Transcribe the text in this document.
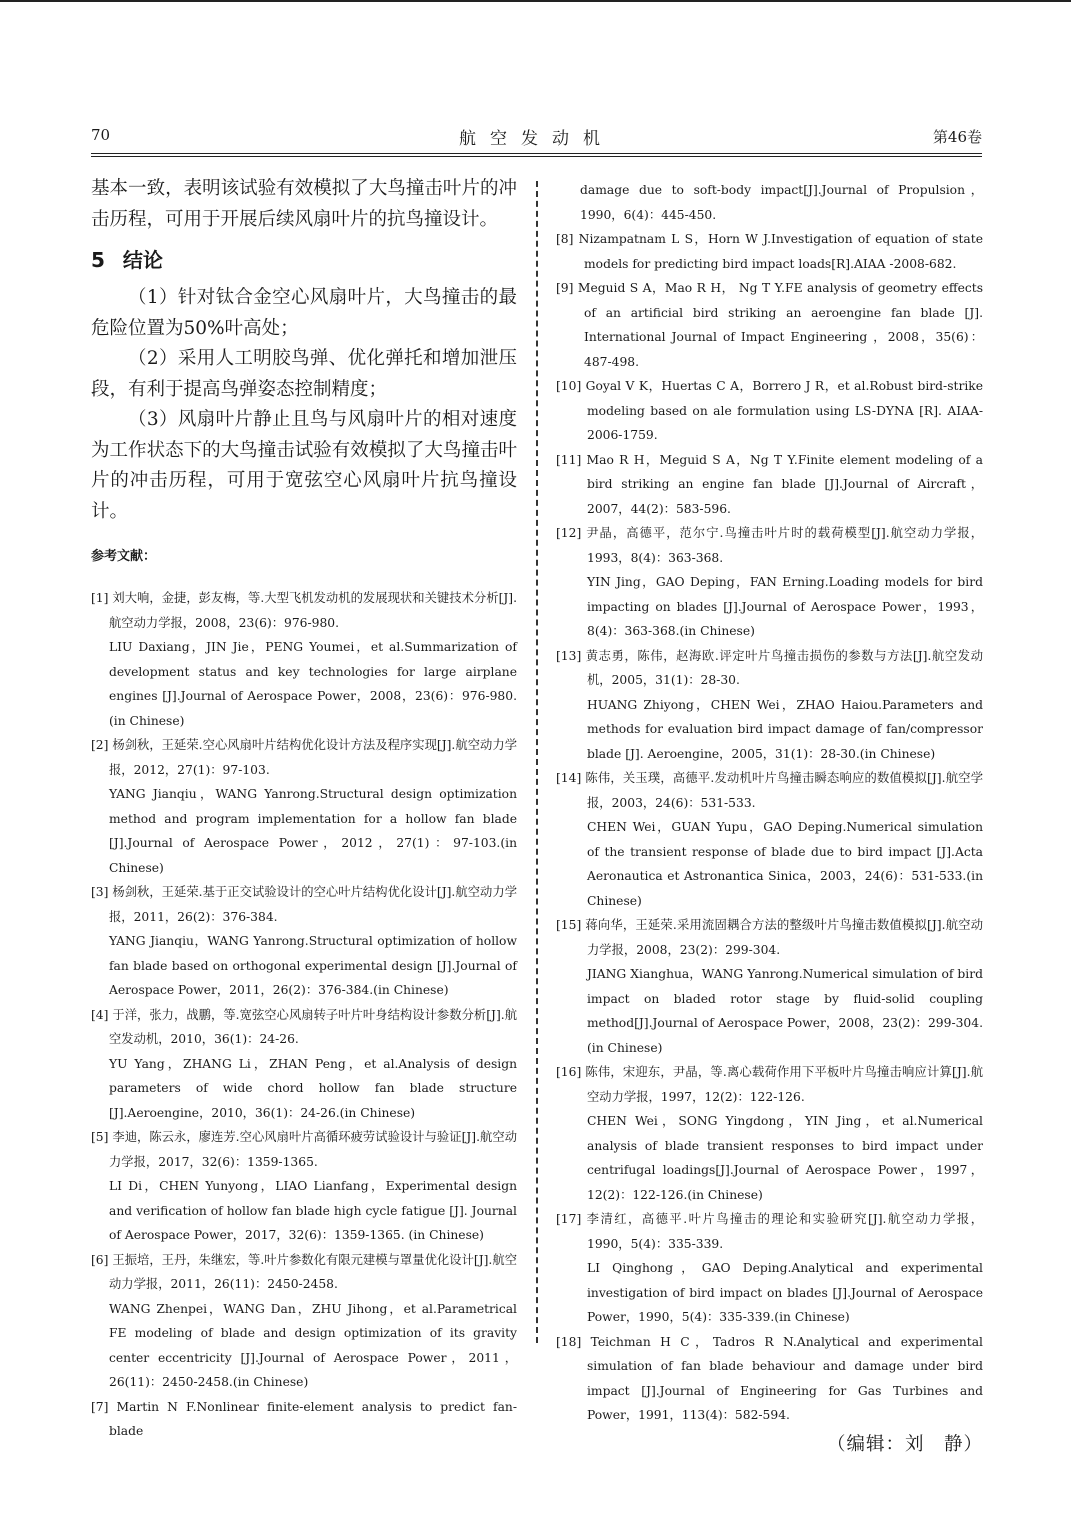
70	航空发动机	第46卷

基本一致，表明该试验有效模拟了大鸟撞击叶片的冲击历程，可用于开展后续风扇叶片的抗鸟撞设计。

5 结论

（1）针对钛合金空心风扇叶片，大鸟撞击的最危险位置为50%叶高处；

（2）采用人工明胶鸟弹、优化弹托和增加泄压段，有利于提高鸟弹姿态控制精度；

（3）风扇叶片静止且鸟与风扇叶片的相对速度为工作状态下的大鸟撞击试验有效模拟了大鸟撞击叶片的冲击历程，可用于宽弦空心风扇叶片抗鸟撞设计。

参考文献：

[1] 刘大响，金捷，彭友梅，等.大型飞机发动机的发展现状和关键技术分析[J].航空动力学报，2008，23(6)：976-980.

LIU Daxiang，JIN Jie，PENG Youmei，et al.Summarization of development status and key technologies for large airplane engines [J].Journal of Aerospace Power，2008，23(6)：976-980.(in Chinese)

[2] 杨剑秋，王延荣.空心风扇叶片结构优化设计方法及程序实现[J].航空动力学报，2012，27(1)：97-103.

YANG Jianqiu，WANG Yanrong.Structural design optimization method and program implementation for a hollow fan blade [J].Journal of Aerospace Power，2012，27(1)：97-103.(in Chinese)

[3] 杨剑秋，王延荣.基于正交试验设计的空心叶片结构优化设计[J].航空动力学报，2011，26(2)：376-384.

YANG Jianqiu，WANG Yanrong.Structural optimization of hollow fan blade based on orthogonal experimental design [J].Journal of Aerospace Power，2011，26(2)：376-384.(in Chinese)

[4] 于洋，张力，战鹏，等.宽弦空心风扇转子叶片叶身结构设计参数分析[J].航空发动机，2010，36(1)：24-26.

YU Yang，ZHANG Li，ZHAN Peng，et al.Analysis of design parameters of wide chord hollow fan blade structure [J].Aeroengine，2010，36(1)：24-26.(in Chinese)

[5] 李迪，陈云永，廖连芳.空心风扇叶片高循环疲劳试验设计与验证[J].航空动力学报，2017，32(6)：1359-1365.

LI Di，CHEN Yunyong，LIAO Lianfang，Experimental design and verification of hollow fan blade high cycle fatigue [J]. Journal of Aerospace Power，2017，32(6)：1359-1365. (in Chinese)

[6] 王振培，王丹，朱继宏，等.叶片参数化有限元建模与罩量优化设计[J].航空动力学报，2011，26(11)：2450-2458.

WANG Zhenpei，WANG Dan，ZHU Jihong，et al.Parametrical FE modeling of blade and design optimization of its gravity center eccentricity [J].Journal of Aerospace Power，2011，26(11)：2450-2458.(in Chinese)

[7] Martin N F.Nonlinear finite-element analysis to predict fan-blade

damage due to soft-body impact[J].Journal of Propulsion，1990，6(4)：445-450.

[8] Nizampatnam L S，Horn W J.Investigation of equation of state models for predicting bird impact loads[R].AIAA -2008-682.

[9] Meguid S A，Mao R H， Ng T Y.FE analysis of geometry effects of an artificial bird striking an aeroengine fan blade [J]. International Journal of Impact Engineering ，2008，35(6)：487-498.

[10] Goyal V K，Huertas C A，Borrero J R，et al.Robust bird-strike modeling based on ale formulation using LS-DYNA [R]. AIAA-2006-1759.

[11] Mao R H，Meguid S A，Ng T Y.Finite element modeling of a bird striking an engine fan blade [J].Journal of Aircraft，2007，44(2)：583-596.

[12] 尹晶，高德平，范尔宁.鸟撞击叶片时的载荷模型[J].航空动力学报，1993，8(4)：363-368.

YIN Jing，GAO Deping，FAN Erning.Loading models for bird impacting on blades [J].Journal of Aerospace Power，1993，8(4)：363-368.(in Chinese)

[13] 黄志勇，陈伟，赵海欧.评定叶片鸟撞击损伤的参数与方法[J].航空发动机，2005，31(1)：28-30.

HUANG Zhiyong，CHEN Wei，ZHAO Haiou.Parameters and methods for evaluation bird impact damage of fan/compressor blade [J]. Aeroengine，2005，31(1)：28-30.(in Chinese)

[14] 陈伟，关玉璞，高德平.发动机叶片鸟撞击瞬态响应的数值模拟[J].航空学报，2003，24(6)：531-533.

CHEN Wei，GUAN Yupu，GAO Deping.Numerical simulation of the transient response of blade due to bird impact [J].Acta Aeronautica et Astronantica Sinica，2003，24(6)：531-533.(in Chinese)

[15] 蒋向华，王延荣.采用流固耦合方法的整级叶片鸟撞击数值模拟[J].航空动力学报，2008，23(2)：299-304.

JIANG Xianghua，WANG Yanrong.Numerical simulation of bird impact on bladed rotor stage by fluid-solid coupling method[J].Journal of Aerospace Power，2008，23(2)：299-304.(in Chinese)

[16] 陈伟，宋迎东，尹晶，等.离心载荷作用下平板叶片鸟撞击响应计算[J].航空动力学报，1997，12(2)：122-126.

CHEN Wei，SONG Yingdong，YIN Jing，et al.Numerical analysis of blade transient responses to bird impact under centrifugal loadings[J].Journal of Aerospace Power，1997，12(2)：122-126.(in Chinese)

[17] 李清红，高德平.叶片鸟撞击的理论和实验研究[J].航空动力学报，1990，5(4)：335-339.

LI Qinghong，GAO Deping.Analytical and experimental investigation of bird impact on blades [J].Journal of Aerospace Power，1990，5(4)：335-339.(in Chinese)

[18] Teichman H C，Tadros R N.Analytical and experimental simulation of fan blade behaviour and damage under bird impact [J].Journal of Engineering for Gas Turbines and Power，1991，113(4)：582-594.

（编辑：刘　静）
